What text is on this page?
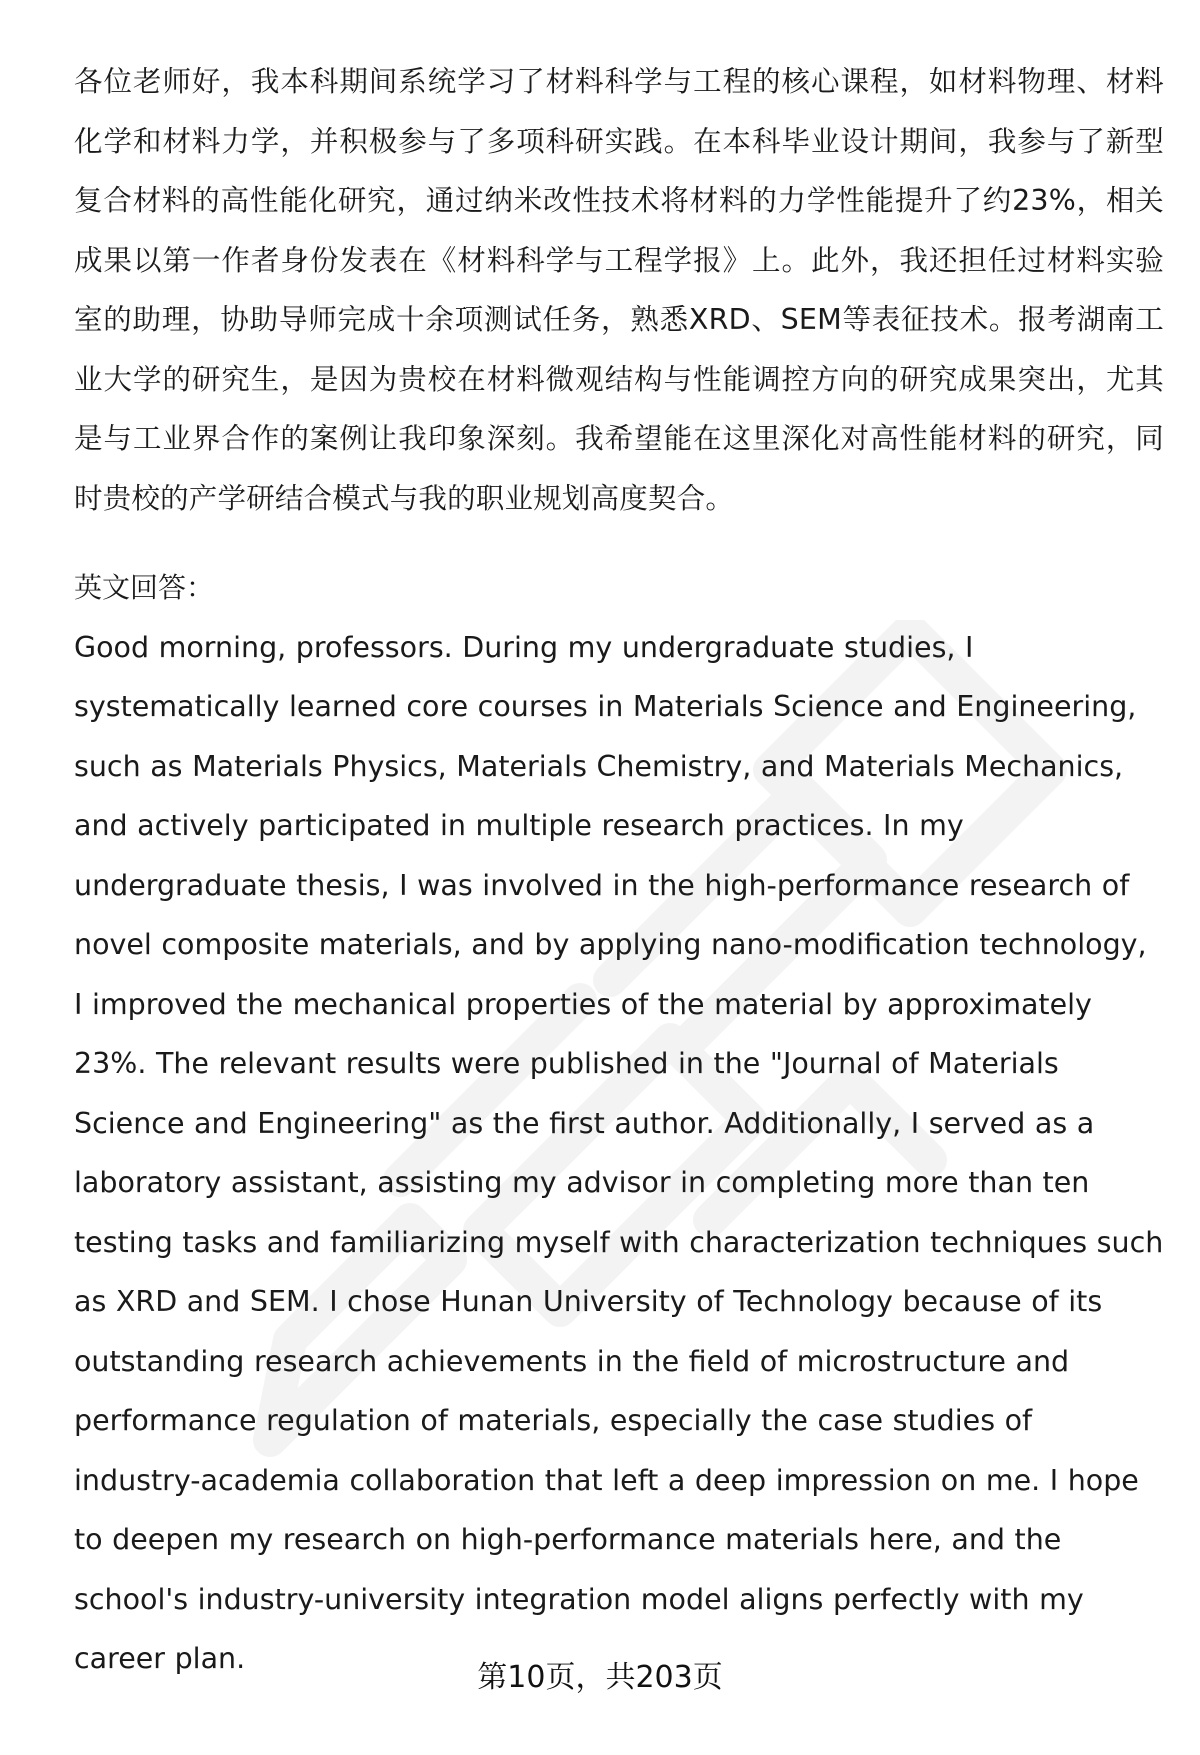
各位老师好，我本科期间系统学习了材料科学与工程的核心课程，如材料物理、材料化学和材料力学，并积极参与了多项科研实践。在本科毕业设计期间，我参与了新型复合材料的高性能化研究，通过纳米改性技术将材料的力学性能提升了约23%，相关成果以第一作者身份发表在《材料科学与工程学报》上。此外，我还担任过材料实验室的助理，协助导师完成十余项测试任务，熟悉XRD、SEM等表征技术。报考湖南工业大学的研究生，是因为贵校在材料微观结构与性能调控方向的研究成果突出，尤其是与工业界合作的案例让我印象深刻。我希望能在这里深化对高性能材料的研究，同时贵校的产学研结合模式与我的职业规划高度契合。

英文回答：

Good morning, professors. During my undergraduate studies, I systematically learned core courses in Materials Science and Engineering, such as Materials Physics, Materials Chemistry, and Materials Mechanics, and actively participated in multiple research practices. In my undergraduate thesis, I was involved in the high-performance research of novel composite materials, and by applying nano-modification technology, I improved the mechanical properties of the material by approximately 23%. The relevant results were published in the "Journal of Materials Science and Engineering" as the first author. Additionally, I served as a laboratory assistant, assisting my advisor in completing more than ten testing tasks and familiarizing myself with characterization techniques such as XRD and SEM. I chose Hunan University of Technology because of its outstanding research achievements in the field of microstructure and performance regulation of materials, especially the case studies of industry-academia collaboration that left a deep impression on me. I hope to deepen my research on high-performance materials here, and the school's industry-university integration model aligns perfectly with my career plan.

第10页，共203页
